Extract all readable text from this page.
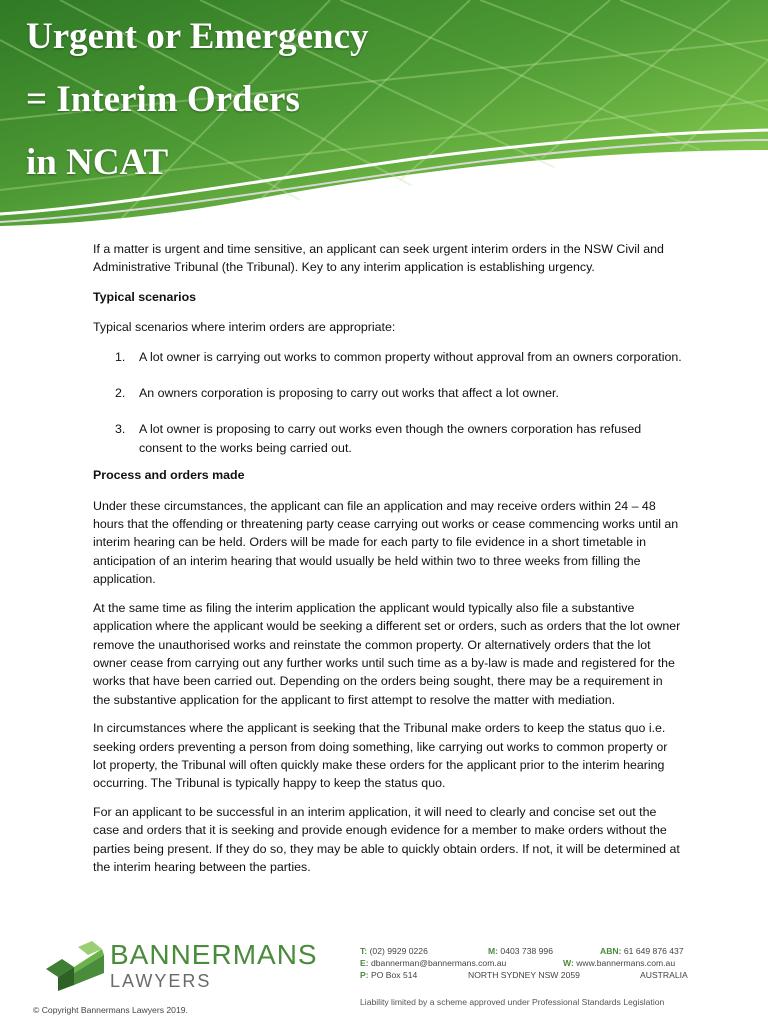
Urgent or Emergency
= Interim Orders
in NCAT

If a matter is urgent and time sensitive, an applicant can seek urgent interim orders in the NSW Civil and Administrative Tribunal (the Tribunal). Key to any interim application is establishing urgency.

Typical scenarios

Typical scenarios where interim orders are appropriate:

1.	A lot owner is carrying out works to common property without approval from an owners corporation.
2.	An owners corporation is proposing to carry out works that affect a lot owner.
3.	A lot owner is proposing to carry out works even though the owners corporation has refused consent to the works being carried out.

Process and orders made

Under these circumstances, the applicant can file an application and may receive orders within 24 – 48 hours that the offending or threatening party cease carrying out works or cease commencing works until an interim hearing can be held. Orders will be made for each party to file evidence in a short timetable in anticipation of an interim hearing that would usually be held within two to three weeks from filling the application.

At the same time as filing the interim application the applicant would typically also file a substantive application where the applicant would be seeking a different set or orders, such as orders that the lot owner remove the unauthorised works and reinstate the common property. Or alternatively orders that the lot owner cease from carrying out any further works until such time as a by-law is made and registered for the works that have been carried out. Depending on the orders being sought, there may be a requirement in the substantive application for the applicant to first attempt to resolve the matter with mediation.

In circumstances where the applicant is seeking that the Tribunal make orders to keep the status quo i.e. seeking orders preventing a person from doing something, like carrying out works to common property or lot property, the Tribunal will often quickly make these orders for the applicant prior to the interim hearing occurring. The Tribunal is typically happy to keep the status quo.

For an applicant to be successful in an interim application, it will need to clearly and concise set out the case and orders that it is seeking and provide enough evidence for a member to make orders without the parties being present. If they do so, they may be able to quickly obtain orders. If not, it will be determined at the interim hearing between the parties.

BANNERMANS
LAWYERS
T: (02) 9929 0226	M: 0403 738 996	ABN: 61 649 876 437
E: dbannerman@bannermans.com.au	W: www.bannermans.com.au
P: PO Box 514	NORTH SYDNEY NSW 2059	AUSTRALIA
Liability limited by a scheme approved under Professional Standards Legislation
© Copyright Bannermans Lawyers 2019.
